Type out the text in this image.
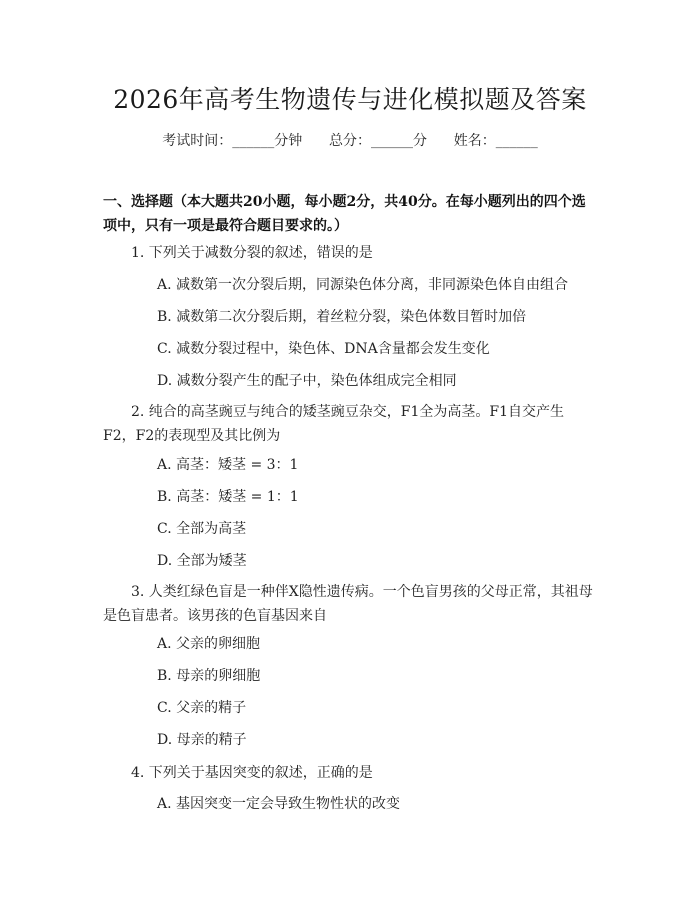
2026年高考生物遗传与进化模拟题及答案
考试时间：______分钟      总分：______分      姓名：______
一、选择题（本大题共20小题，每小题2分，共40分。在每小题列出的四个选项中，只有一项是最符合题目要求的。）
1. 下列关于减数分裂的叙述，错误的是
A. 减数第一次分裂后期，同源染色体分离，非同源染色体自由组合
B. 减数第二次分裂后期，着丝粒分裂，染色体数目暂时加倍
C. 减数分裂过程中，染色体、DNA含量都会发生变化
D. 减数分裂产生的配子中，染色体组成完全相同
2. 纯合的高茎豌豆与纯合的矮茎豌豆杂交，F1全为高茎。F1自交产生F2，F2的表现型及其比例为
A. 高茎：矮茎 = 3：1
B. 高茎：矮茎 = 1：1
C. 全部为高茎
D. 全部为矮茎
3. 人类红绿色盲是一种伴X隐性遗传病。一个色盲男孩的父母正常，其祖母是色盲患者。该男孩的色盲基因来自
A. 父亲的卵细胞
B. 母亲的卵细胞
C. 父亲的精子
D. 母亲的精子
4. 下列关于基因突变的叙述，正确的是
A. 基因突变一定会导致生物性状的改变
